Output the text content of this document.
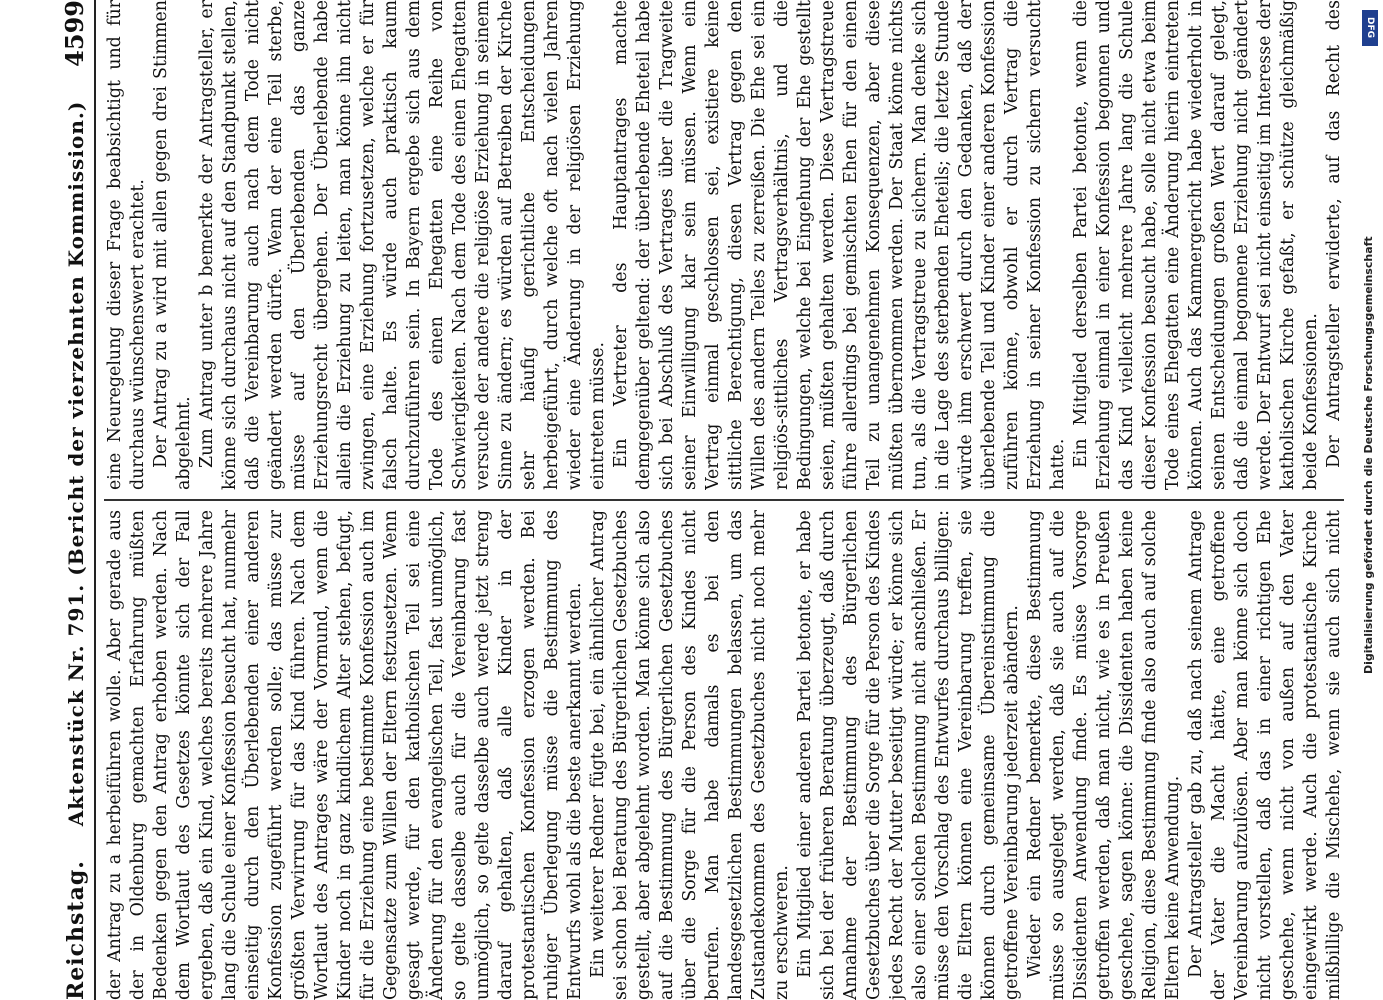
Reichstag.
Aktenstück Nr. 791. (Bericht der vierzehnten Kommission.)
4599

der Antrag zu a herbeiführen wolle. Aber gerade aus der in Oldenburg gemachten Erfahrung müßten Bedenken gegen den Antrag erhoben werden. Nach dem Wortlaut des Gesetzes könnte sich der Fall ergeben, daß ein Kind, welches bereits mehrere Jahre lang die Schule einer Konfession besucht hat, nunmehr einseitig durch den Überlebenden einer anderen Konfession zugeführt werden solle; das müsse zur größten Verwirrung für das Kind führen. Nach dem Wortlaut des Antrages wäre der Vormund, wenn die Kinder noch in ganz kindlichem Alter stehen, befugt, für die Erziehung eine bestimmte Konfession auch im Gegensatze zum Willen der Eltern festzusetzen. Wenn gesagt werde, für den katholischen Teil sei eine Änderung für den evangelischen Teil, fast unmöglich, so gelte dasselbe auch für die Vereinbarung fast unmöglich, so gelte dasselbe auch werde jetzt streng darauf gehalten, daß alle Kinder in der protestantischen Konfession erzogen werden. Bei ruhiger Überlegung müsse die Bestimmung des Entwurfs wohl als die beste anerkannt werden. Ein weiterer Redner fügte bei, ein ähnlicher Antrag sei schon bei Beratung des Bürgerlichen Gesetzbuches gestellt, aber abgelehnt worden. Man könne sich also auf die Bestimmung des Bürgerlichen Gesetzbuches über die Sorge für die Person des Kindes nicht berufen. Man habe damals es bei den landesgesetzlichen Bestimmungen belassen, um das Zustandekommen des Gesetzbuches nicht noch mehr zu erschweren. Ein Mitglied einer anderen Partei betonte, er habe sich bei der früheren Beratung überzeugt, daß durch Annahme der Bestimmung des Bürgerlichen Gesetzbuches über die Sorge für die Person des Kindes jedes Recht der Mutter beseitigt würde; er könne sich also einer solchen Bestimmung nicht anschließen. Er müsse den Vorschlag des Entwurfes durchaus billigen: die Eltern können eine Vereinbarung treffen, sie können durch gemeinsame Übereinstimmung die getroffene Vereinbarung jederzeit abändern. Wieder ein Redner bemerkte, diese Bestimmung müsse so ausgelegt werden, daß sie auch auf die Dissidenten Anwendung finde. Es müsse Vorsorge getroffen werden, daß man nicht, wie es in Preußen geschehe, sagen könne: die Dissidenten haben keine Religion, diese Bestimmung finde also auch auf solche Eltern keine Anwendung. Der Antragsteller gab zu, daß nach seinem Antrage der Vater die Macht hätte, eine getroffene Vereinbarung aufzulösen. Aber man könne sich doch nicht vorstellen, daß das in einer richtigen Ehe geschehe, wenn nicht von außen auf den Vater eingewirkt werde. Auch die protestantische Kirche mißbillige die Mischehe, wenn sie auch sich nicht

eine Neuregelung dieser Frage beabsichtigt und für durchaus wünschenswert erachtet. Der Antrag zu a wird mit allen gegen drei Stimmen abgelehnt. Zum Antrag unter b bemerkte der Antragsteller, er könne sich durchaus nicht auf den Standpunkt stellen, daß die Vereinbarung auch nach dem Tode nicht geändert werden dürfe. Wenn der eine Teil sterbe, müsse auf den Überlebenden das ganze Erziehungsrecht übergehen. Der Überlebende habe allein die Erziehung zu leiten, man könne ihn nicht zwingen, eine Erziehung fortzusetzen, welche er für falsch halte. Es würde auch praktisch kaum durchzuführen sein. In Bayern ergebe sich aus dem Tode des einen Ehegatten eine Reihe von Schwierigkeiten. Nach dem Tode des einen Ehegatten versuche der andere die religiöse Erziehung in seinem Sinne zu ändern; es würden auf Betreiben der Kirche sehr häufig gerichtliche Entscheidungen herbeigeführt, durch welche oft nach vielen Jahren wieder eine Änderung in der religiösen Erziehung eintreten müsse. Ein Vertreter des Hauptantrages machte demgegenüber geltend: der überlebende Eheteil habe sich bei Abschluß des Vertrages über die Tragweite seiner Einwilligung klar sein müssen. Wenn ein Vertrag einmal geschlossen sei, existiere keine sittliche Berechtigung, diesen Vertrag gegen den Willen des andern Teiles zu zerreißen. Die Ehe sei ein religiös-sittliches Vertragsverhältnis, und die Bedingungen, welche bei Eingehung der Ehe gestellt seien, müßten gehalten werden. Diese Vertragstreue führe allerdings bei gemischten Ehen für den einen Teil zu unangenehmen Konsequenzen, aber diese müßten übernommen werden. Der Staat könne nichts tun, als die Vertragstreue zu sichern. Man denke sich in die Lage des sterbenden Eheteils; die letzte Stunde würde ihm erschwert durch den Gedanken, daß der überlebende Teil und Kinder einer anderen Konfession zuführen könne, obwohl er durch Vertrag die Erziehung in seiner Konfession zu sichern versucht hatte. Ein Mitglied derselben Partei betonte, wenn die Erziehung einmal in einer Konfession begonnen und das Kind vielleicht mehrere Jahre lang die Schule dieser Konfession besucht habe, solle nicht etwa beim Tode eines Ehegatten eine Änderung hierin eintreten können. Auch das Kammergericht habe wiederholt in seinen Entscheidungen großen Wert darauf gelegt, daß die einmal begonnene Erziehung nicht geändert werde. Der Entwurf sei nicht einseitig im Interesse der katholischen Kirche gefaßt, er schütze gleichmäßig beide Konfessionen. Der Antragsteller erwiderte, auf das Recht des	DFG
Digitalisierung gefördert durch die Deutsche Forschungsgemeinschaft
